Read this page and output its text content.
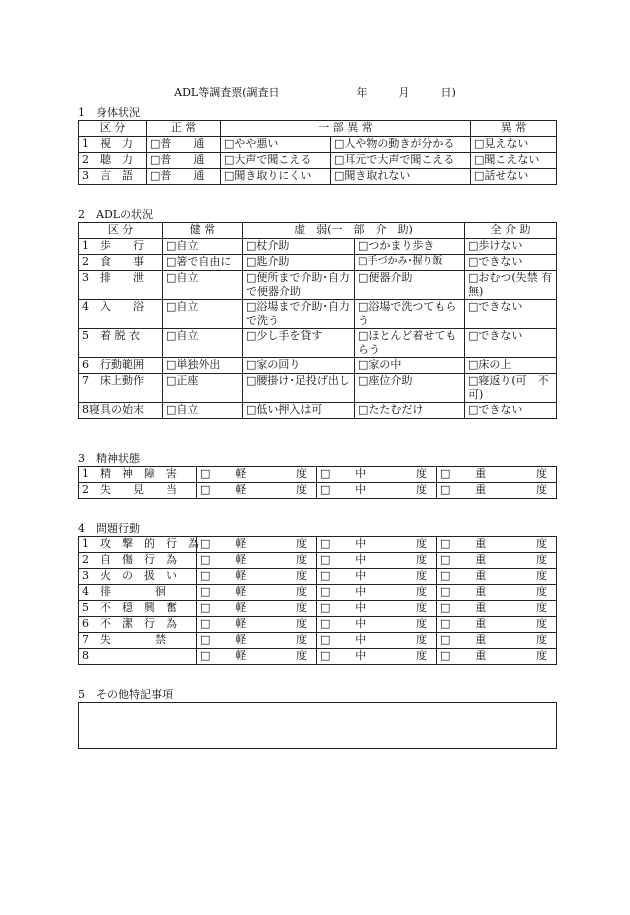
ADL等調査票(調査日	年	月	日)
1　身体状況
区 分	正 常	一 部 異 常		異 常
1　 視　力	□普　　通	□やや悪い	□人や物の動きが分かる	□見えない
2　 聴　力	□普　　通	□大声で聞こえる	□耳元で大声で聞こえる	□聞こえない
3　 言　語	□普　　通	□聞き取りにくい	□聞き取れない	□話せない
2　ADLの状況
区 分	健 常	虚　弱(一　部　介　助)		全 介 助
1　歩　　行	□自立	□杖介助	□つかまり歩き	□歩けない
2　食　　事	□箸で自由に	□匙介助	□手づかみ･握り飯	□できない
3　排　　泄	□自立	□便所まで介助･自力で便器介助	□便器介助	□おむつ(失禁 有　無)
4　入　　浴	□自立	□浴場まで介助･自力で洗う	□浴場で洗つてもらう	□できない
5　着 脱 衣	□自立	□少し手を貸す	□ほとんど着せてもらう	□できない
6　行動範囲	□単独外出	□家の回り	□家の中	□床の上
7　床上動作	□正座	□腰掛け･足投げ出し	□座位介助	□寝返り(可　不可)
8寝具の始末	□自立	□低い押入は可	□たたむだけ	□できない
3　精神状態
1　 精　神　障　害	□ 軽 度	□ 中 度	□ 重 度

2　 失　　見　　当	□ 軽 度	□ 中 度	□ 重 度
4　問題行動
1　 攻　撃　的　行　為	□ 軽 度	□ 中 度	□ 重 度

2　 自　傷　行　為	□ 軽 度	□ 中 度	□ 重 度

3　 火　の　扱　い	□ 軽 度	□ 中 度	□ 重 度

4　 徘　　　　徊	□ 軽 度	□ 中 度	□ 重 度

5　 不　穏　興　奮	□ 軽 度	□ 中 度	□ 重 度

6　 不　潔　行　為	□ 軽 度	□ 中 度	□ 重 度

7　 失　　　　禁	□ 軽 度	□ 中 度	□ 重 度

8　	□ 軽 度	□ 中 度	□ 重 度
5　その他特記事項
